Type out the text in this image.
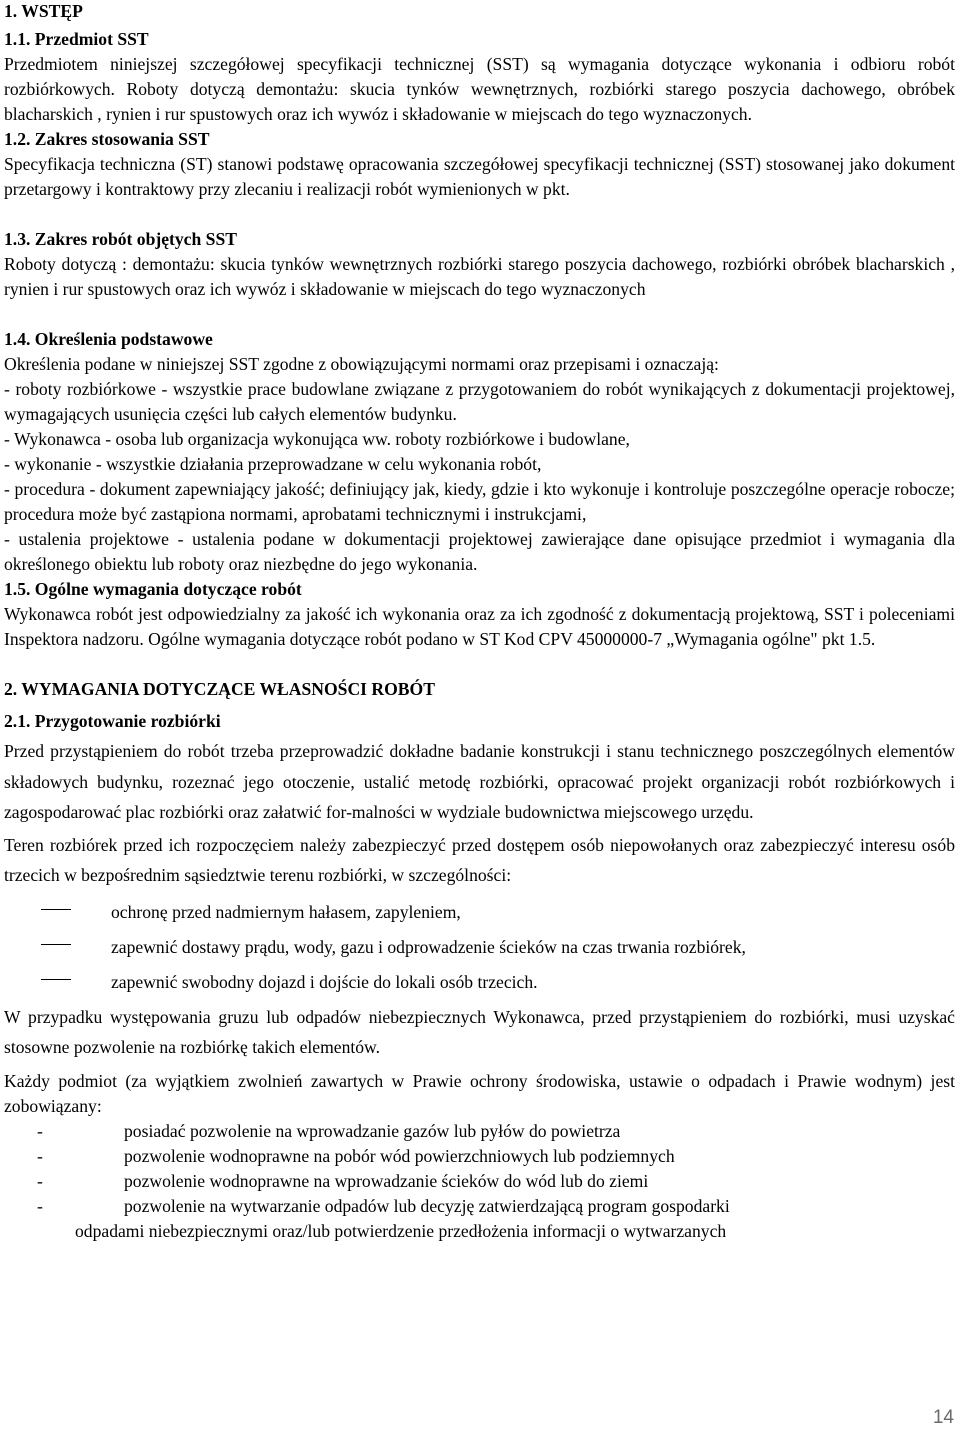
1. WSTĘP

1.1. Przedmiot SST

Przedmiotem niniejszej szczegółowej specyfikacji technicznej (SST) są wymagania dotyczące wykonania i odbioru robót rozbiórkowych. Roboty dotyczą demontażu: skucia tynków wewnętrznych, rozbiórki starego poszycia dachowego, obróbek blacharskich , rynien i rur spustowych oraz ich wywóz i składowanie w miejscach do tego wyznaczonych.

1.2. Zakres stosowania SST

Specyfikacja techniczna (ST) stanowi podstawę opracowania szczegółowej specyfikacji technicznej (SST) stosowanej jako dokument przetargowy i kontraktowy przy zlecaniu i realizacji robót wymienionych w pkt.

1.3. Zakres robót objętych SST

Roboty dotyczą : demontażu: skucia tynków wewnętrznych rozbiórki starego poszycia dachowego, rozbiórki obróbek blacharskich , rynien i rur spustowych oraz ich wywóz i składowanie w miejscach do tego wyznaczonych

1.4. Określenia podstawowe

Określenia podane w niniejszej SST zgodne z obowiązującymi normami oraz przepisami i oznaczają:

- roboty rozbiórkowe - wszystkie prace budowlane związane z przygotowaniem do robót wynikających z dokumentacji projektowej, wymagających usunięcia części lub całych elementów budynku.

- Wykonawca - osoba lub organizacja wykonująca ww. roboty rozbiórkowe i budowlane,

- wykonanie - wszystkie działania przeprowadzane w celu wykonania robót,

- procedura - dokument zapewniający jakość; definiujący jak, kiedy, gdzie i kto wykonuje i kontroluje poszczególne operacje robocze; procedura może być zastąpiona normami, aprobatami technicznymi i instrukcjami,

- ustalenia projektowe - ustalenia podane w dokumentacji projektowej zawierające dane opisujące przedmiot i wymagania dla określonego obiektu lub roboty oraz niezbędne do jego wykonania.

1.5. Ogólne wymagania dotyczące robót

Wykonawca robót jest odpowiedzialny za jakość ich wykonania oraz za ich zgodność z dokumentacją projektową, SST i poleceniami Inspektora nadzoru. Ogólne wymagania dotyczące robót podano w ST Kod CPV 45000000-7 „Wymagania ogólne" pkt 1.5.

2. WYMAGANIA DOTYCZĄCE WŁASNOŚCI ROBÓT

2.1. Przygotowanie rozbiórki

Przed przystąpieniem do robót trzeba przeprowadzić dokładne badanie konstrukcji i stanu technicznego poszczególnych elementów składowych budynku, rozeznać jego otoczenie, ustalić metodę rozbiórki, opracować projekt organizacji robót rozbiórkowych i zagospodarować plac rozbiórki oraz załatwić for-malności w wydziale budownictwa miejscowego urzędu.

Teren rozbiórek przed ich rozpoczęciem należy zabezpieczyć przed dostępem osób niepowołanych oraz zabezpieczyć interesu osób trzecich w bezpośrednim sąsiedztwie terenu rozbiórki, w szczególności:

ochronę przed nadmiernym hałasem, zapyleniem,
zapewnić dostawy prądu, wody, gazu i odprowadzenie ścieków na czas trwania rozbiórek,
zapewnić swobodny dojazd i dojście do lokali osób trzecich.

W przypadku występowania gruzu lub odpadów niebezpiecznych Wykonawca, przed przystąpieniem do rozbiórki, musi uzyskać stosowne pozwolenie na rozbiórkę takich elementów.

Każdy podmiot (za wyjątkiem zwolnień zawartych w Prawie ochrony środowiska, ustawie o odpadach i Prawie wodnym) jest zobowiązany:

-	posiadać pozwolenie na wprowadzanie gazów lub pyłów do powietrza
-	pozwolenie wodnoprawne na pobór wód powierzchniowych lub podziemnych
-	pozwolenie wodnoprawne na wprowadzanie ścieków do wód lub do ziemi
-	pozwolenie na wytwarzanie odpadów lub decyzję zatwierdzającą program gospodarki
odpadami niebezpiecznymi oraz/lub potwierdzenie przedłożenia informacji o wytwarzanych
14
